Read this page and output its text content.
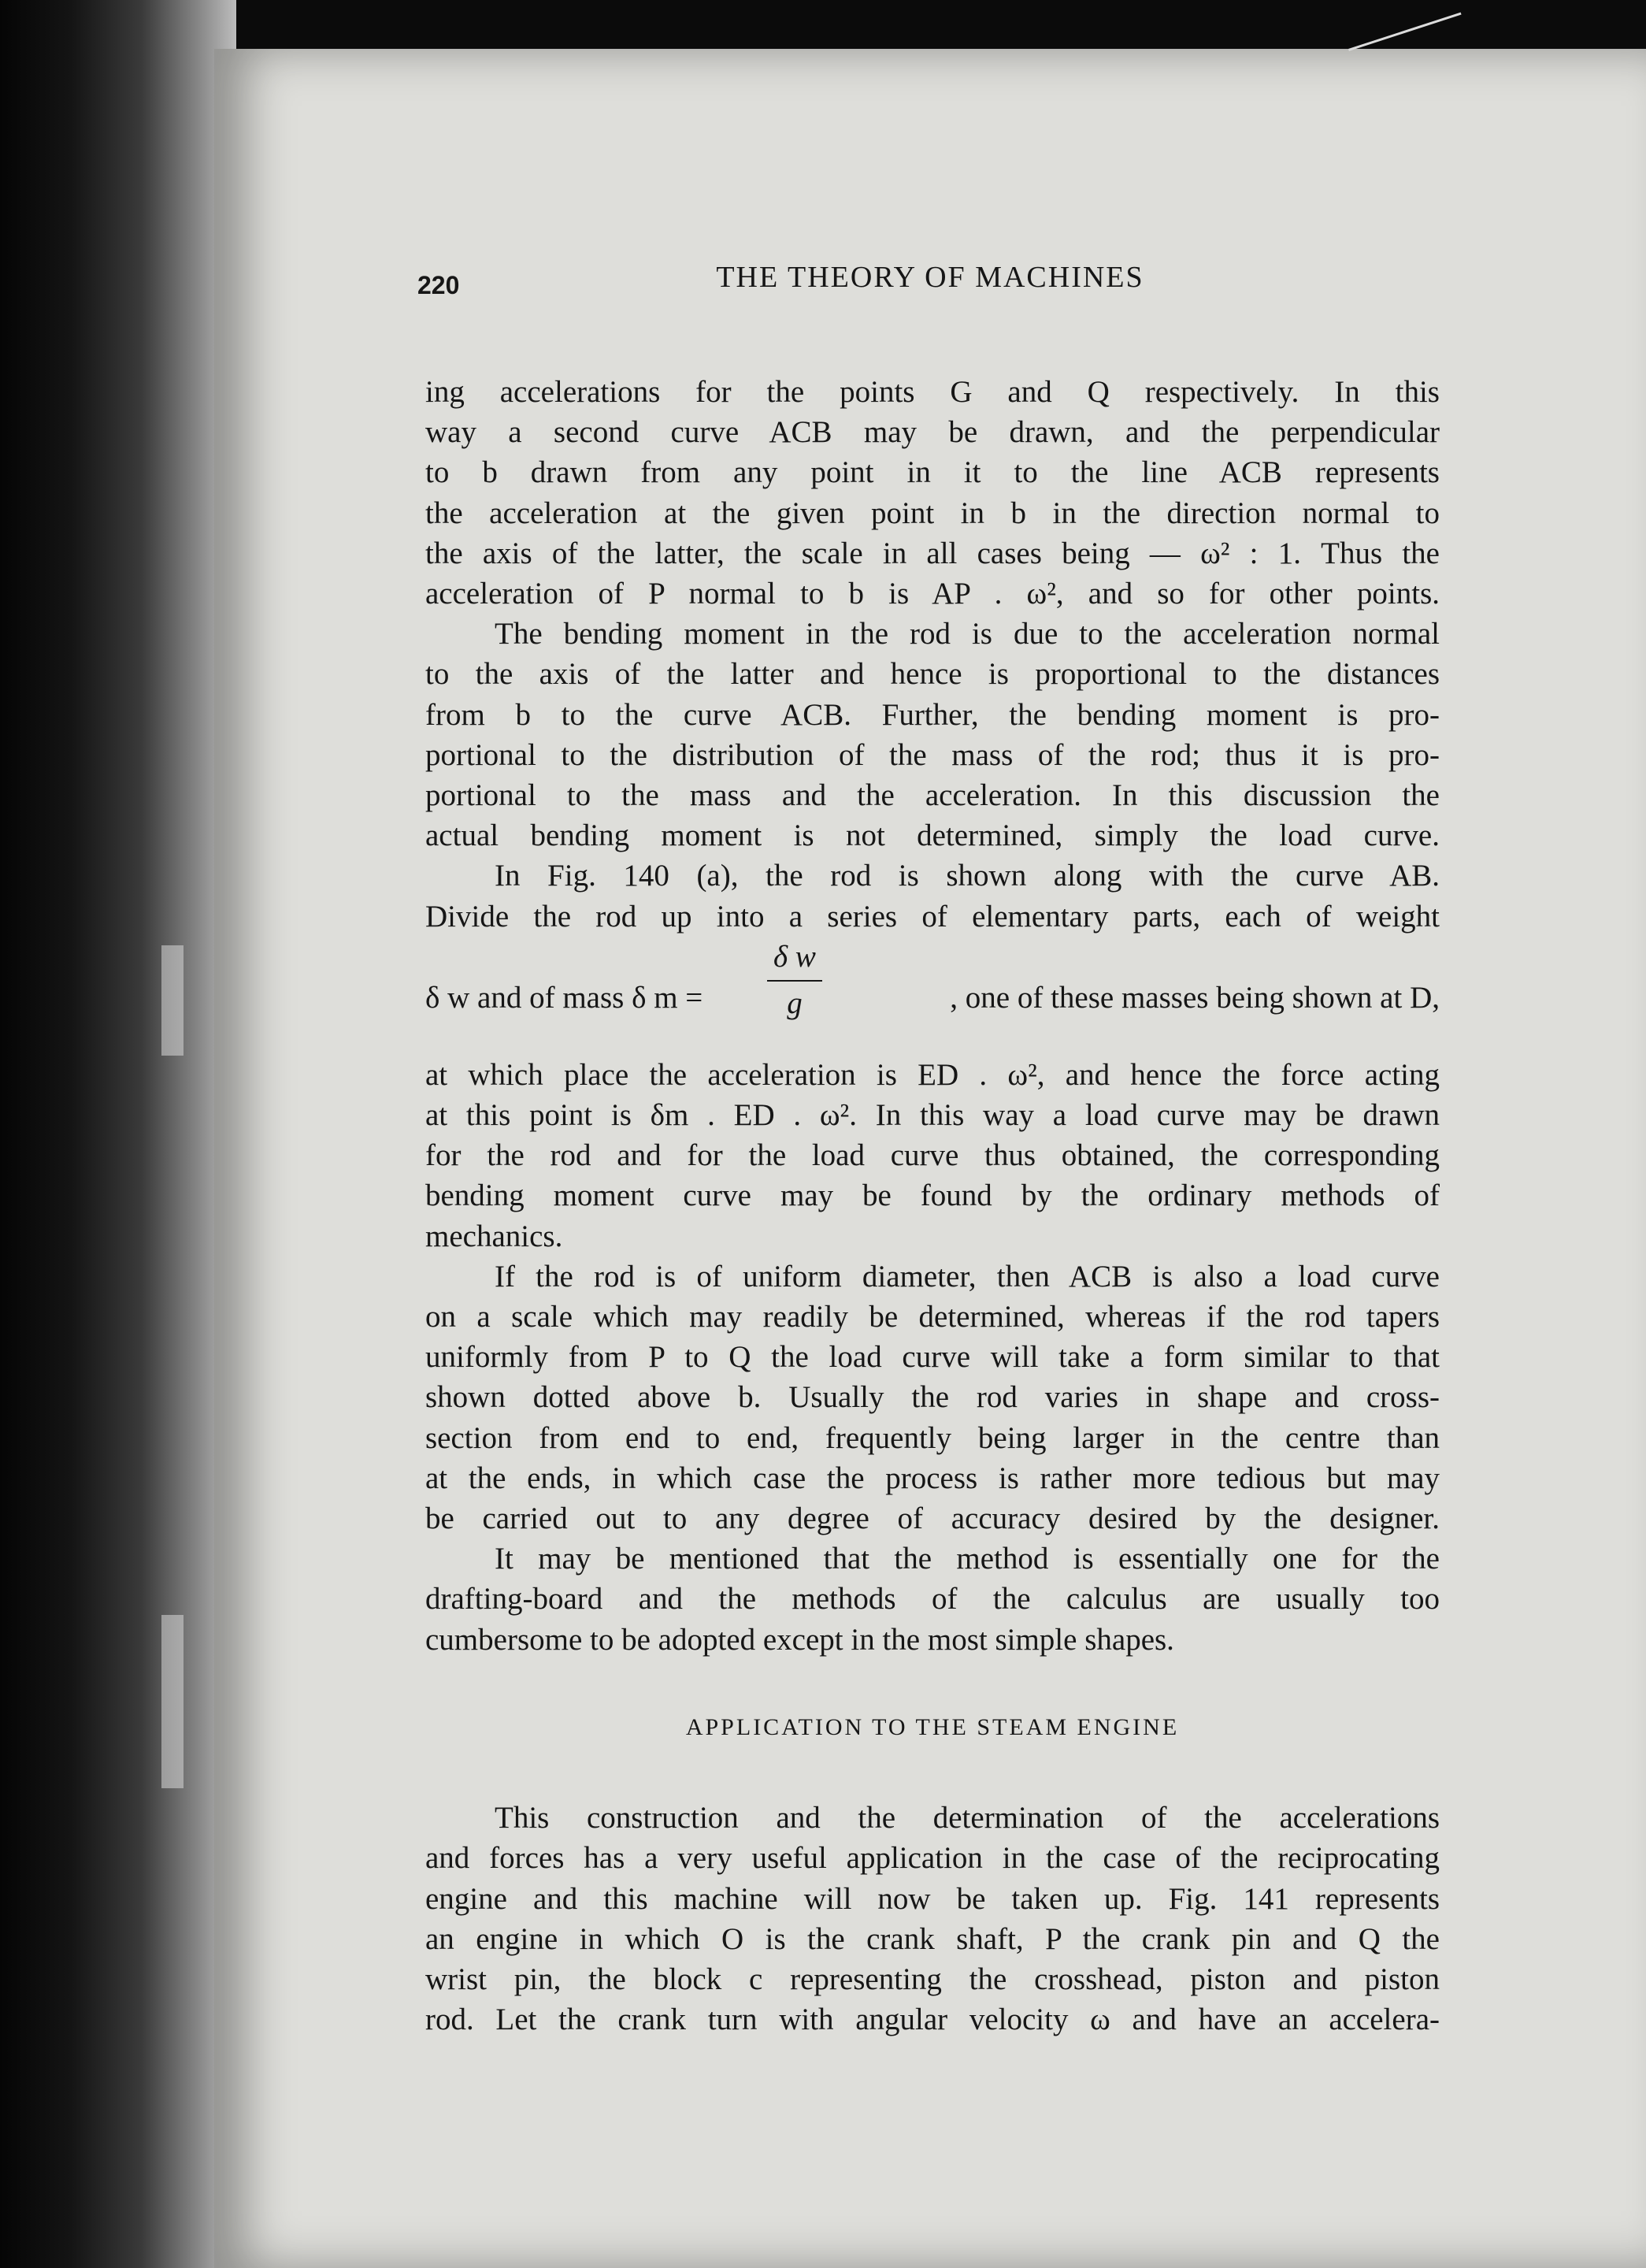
220	THE THEORY OF MACHINES

ing accelerations for the points G and Q respectively. In this
way a second curve ACB may be drawn, and the perpendicular
to b drawn from any point in it to the line ACB represents
the acceleration at the given point in b in the direction normal to
the axis of the latter, the scale in all cases being — ω² : 1. Thus the
acceleration of P normal to b is AP . ω², and so for other points.

The bending moment in the rod is due to the acceleration normal
to the axis of the latter and hence is proportional to the distances
from b to the curve ACB. Further, the bending moment is pro-
portional to the distribution of the mass of the rod; thus it is pro-
portional to the mass and the acceleration. In this discussion the
actual bending moment is not determined, simply the load curve.

In Fig. 140 (a), the rod is shown along with the curve AB.
Divide the rod up into a series of elementary parts, each of weight
δ w and of mass δ m =
δ w
g	, one of these masses being shown at D,
at which place the acceleration is ED . ω², and hence the force acting
at this point is δm . ED . ω². In this way a load curve may be drawn
for the rod and for the load curve thus obtained, the corresponding
bending moment curve may be found by the ordinary methods of
mechanics.

If the rod is of uniform diameter, then ACB is also a load curve
on a scale which may readily be determined, whereas if the rod tapers
uniformly from P to Q the load curve will take a form similar to that
shown dotted above b. Usually the rod varies in shape and cross-
section from end to end, frequently being larger in the centre than
at the ends, in which case the process is rather more tedious but may
be carried out to any degree of accuracy desired by the designer.

It may be mentioned that the method is essentially one for the
drafting-board and the methods of the calculus are usually too
cumbersome to be adopted except in the most simple shapes.

APPLICATION TO THE STEAM ENGINE

This construction and the determination of the accelerations
and forces has a very useful application in the case of the reciprocating
engine and this machine will now be taken up. Fig. 141 represents
an engine in which O is the crank shaft, P the crank pin and Q the
wrist pin, the block c representing the crosshead, piston and piston
rod. Let the crank turn with angular velocity ω and have an accelera-
